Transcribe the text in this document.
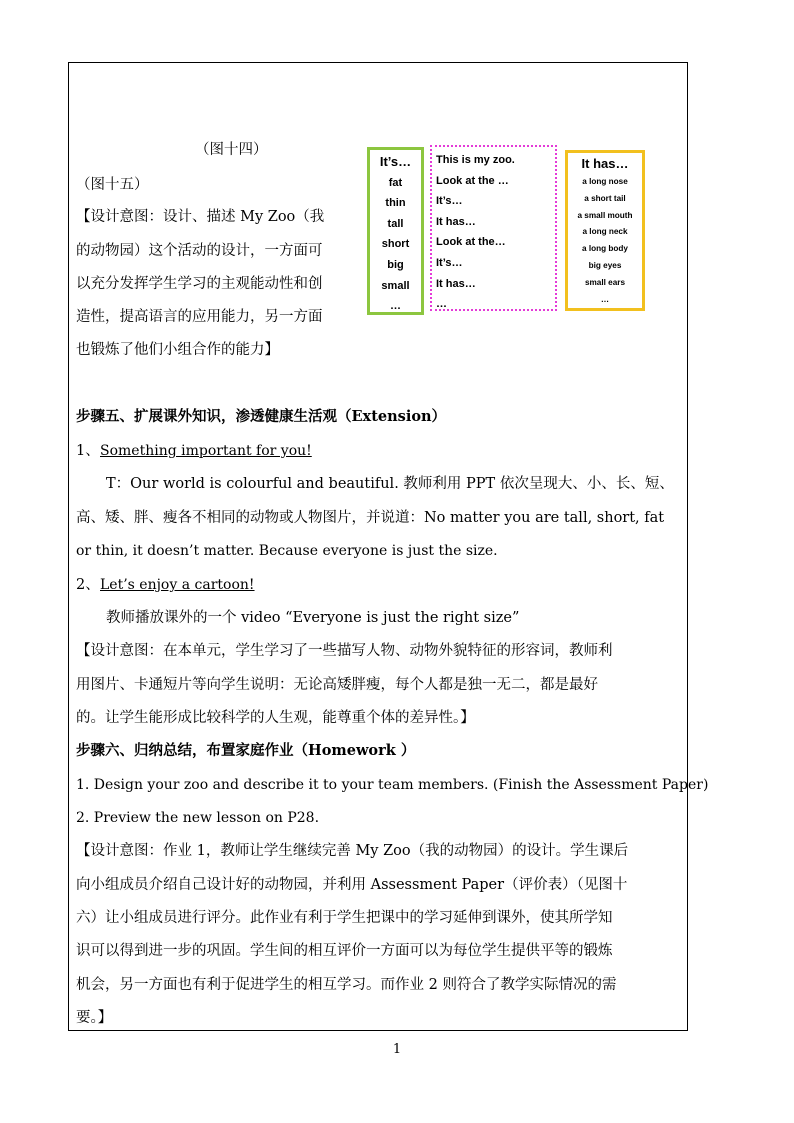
（图十四）
（图十五）
【设计意图：设计、描述 My Zoo（我
的动物园）这个活动的设计，一方面可
以充分发挥学生学习的主观能动性和创
造性，提高语言的应用能力，另一方面
也锻炼了他们小组合作的能力】
It’s…
fat
thin
tall
short
big
small
…
This is my zoo.
Look at the …
It’s…
It has…
Look at the…
It’s…
It has…
…
It has…
a long nose
a short tail
a small mouth
a long neck
a long body
big eyes
small ears
…
步骤五、扩展课外知识，渗透健康生活观（Extension）
1、 Something important for you!
T：Our world is colourful and beautiful. 教师利用 PPT 依次呈现大、小、长、短、
高、矮、胖、瘦各不相同的动物或人物图片，并说道：No matter you are tall, short, fat
or thin, it doesn’t matter. Because everyone is just the size.
2、 Let’s enjoy a cartoon!
教师播放课外的一个 video “Everyone is just the right size”
【设计意图：在本单元，学生学习了一些描写人物、动物外貌特征的形容词，教师利
用图片、卡通短片等向学生说明：无论高矮胖瘦，每个人都是独一无二，都是最好
的。让学生能形成比较科学的人生观，能尊重个体的差异性。】
步骤六、归纳总结，布置家庭作业（Homework ）
1. Design your zoo and describe it to your team members. (Finish the Assessment Paper)
2. Preview the new lesson on P28.
【设计意图：作业 1，教师让学生继续完善 My Zoo（我的动物园）的设计。学生课后
向小组成员介绍自己设计好的动物园，并利用 Assessment Paper（评价表）（见图十
六）让小组成员进行评分。此作业有利于学生把课中的学习延伸到课外，使其所学知
识可以得到进一步的巩固。学生间的相互评价一方面可以为每位学生提供平等的锻炼
机会，另一方面也有利于促进学生的相互学习。而作业 2 则符合了教学实际情况的需
要。】
1
